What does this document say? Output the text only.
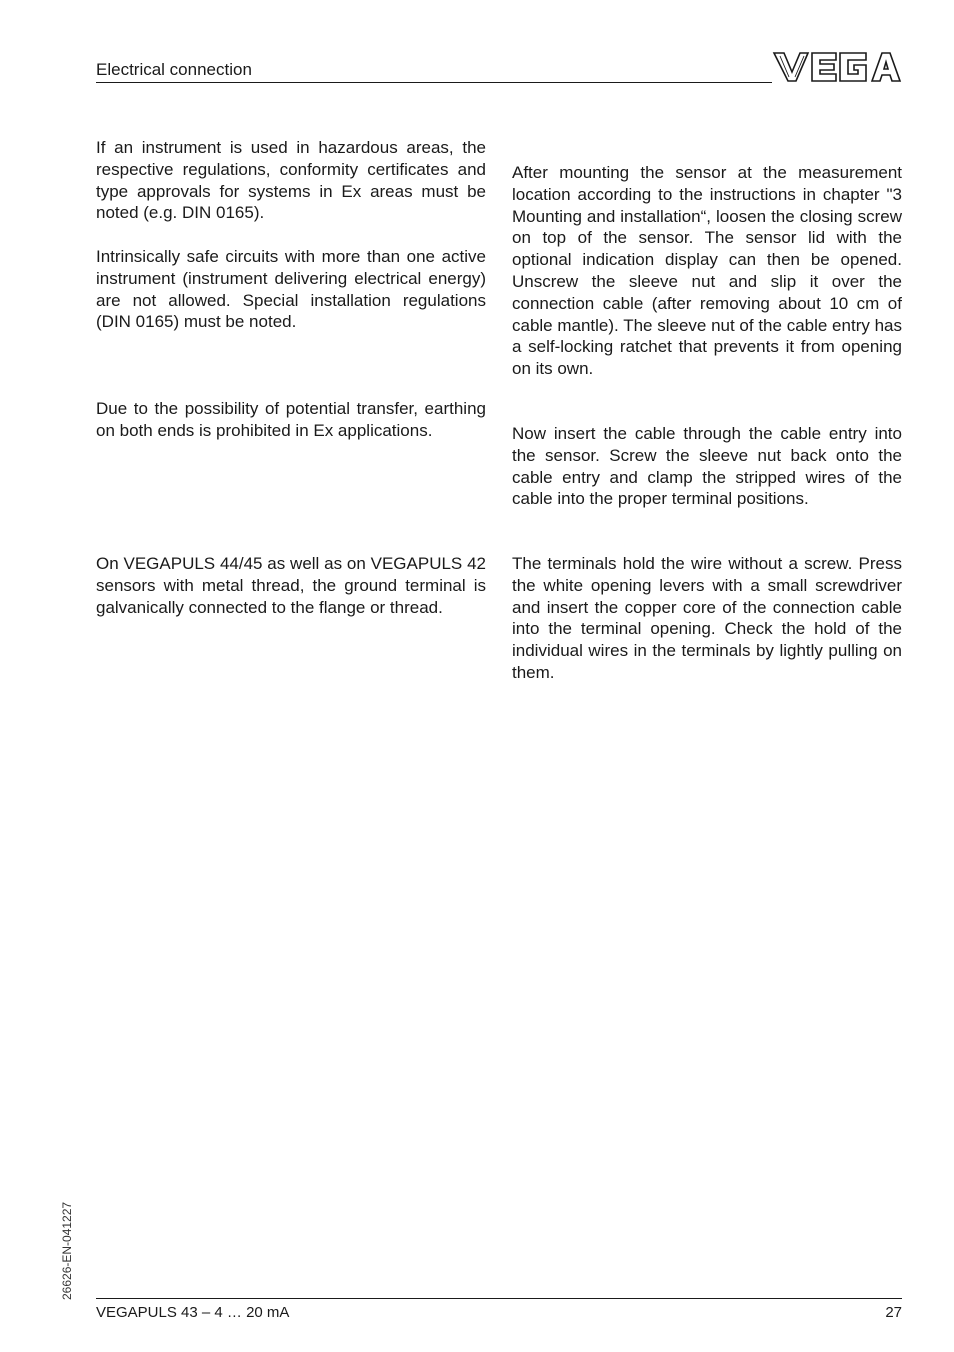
Electrical connection

If an instrument is used in hazardous areas, the respective regulations, conformity certificates and type approvals for systems in Ex areas must be noted (e.g. DIN 0165).

Intrinsically safe circuits with more than one active instrument (instrument delivering electrical energy) are not allowed. Special installation regulations (DIN 0165) must be noted.

Due to the possibility of potential transfer, earthing on both ends is prohibited in Ex applications.

On VEGAPULS 44/45 as well as on VEGAPULS 42 sensors with metal thread, the ground terminal is galvanically connected to the flange or thread.

After mounting the sensor at the measurement location according to the instructions in chapter "3 Mounting and installation“, loosen the closing screw on top of the sensor. The sensor lid with the optional indication display can then be opened. Unscrew the sleeve nut and slip it over the connection cable (after removing about 10 cm of cable mantle). The sleeve nut of the cable entry has a self-locking ratchet that prevents it from opening on its own.

Now insert the cable through the cable entry into the sensor. Screw the sleeve nut back onto the cable entry and clamp the stripped wires of the cable into the proper terminal positions.

The terminals hold the wire without a screw. Press the white opening levers with a small screwdriver and insert the copper core of the connection cable into the terminal opening. Check the hold of the individual wires in the terminals by lightly pulling on them.

26626-EN-041227
VEGAPULS 43 – 4 … 20 mA	27
